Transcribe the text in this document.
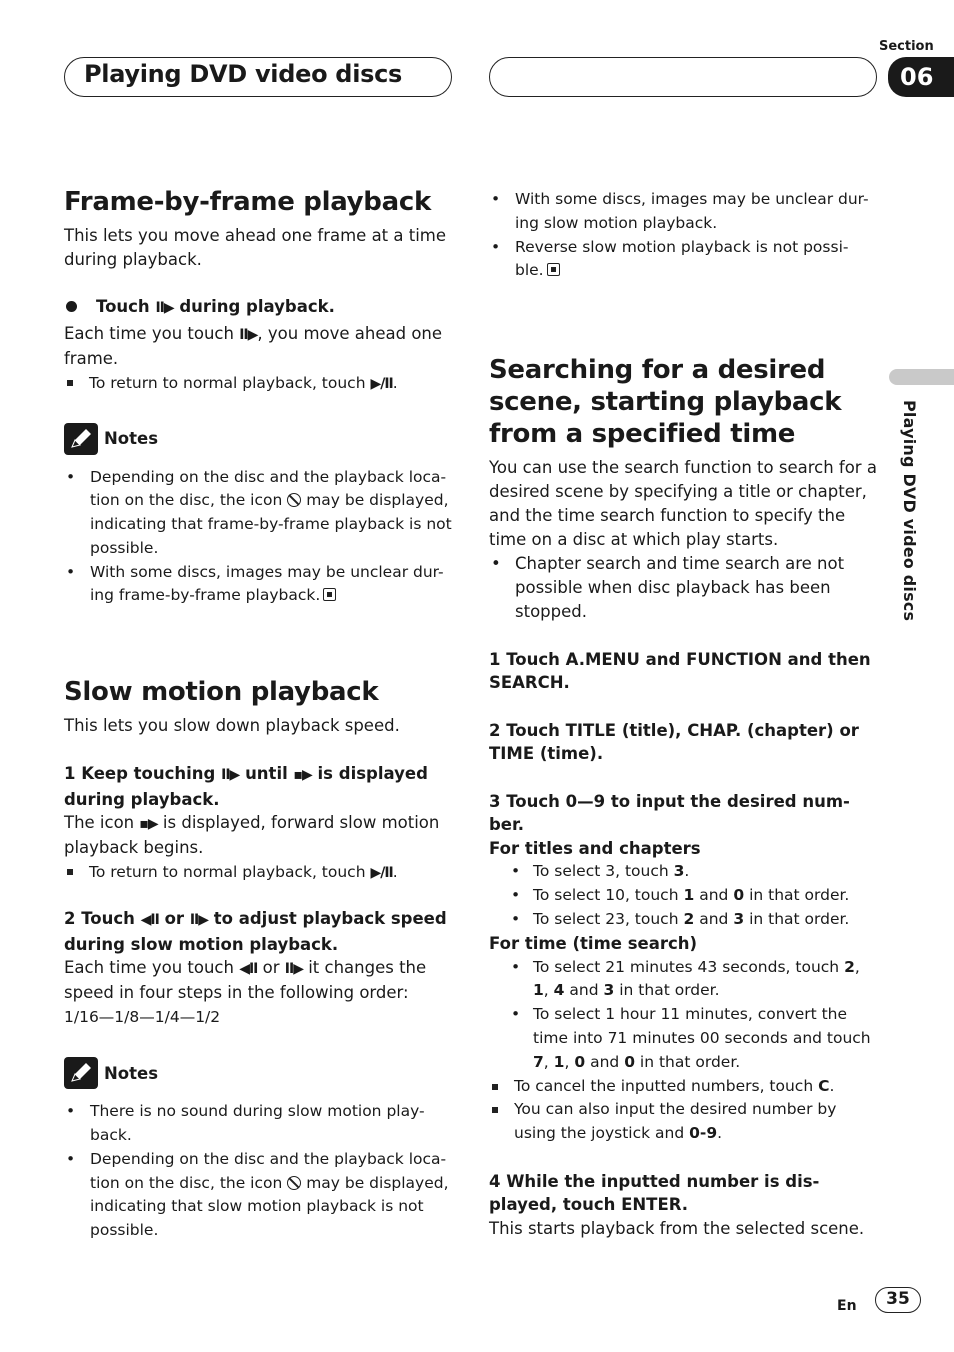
Playing DVD video discs
Section
06
Playing DVD video discs
Frame-by-frame playback

This lets you move ahead one frame at a time during playback.

Touch II▶ during playback.

Each time you touch II▶, you move ahead one frame.

To return to normal playback, touch ▶/II.
Notes
• Depending on the disc and the playback loca-tion on the disc, the icon may be displayed, indicating that frame-by-frame playback is not possible.
• With some discs, images may be unclear dur-ing frame-by-frame playback.
Slow motion playback

This lets you slow down playback speed.

1 Keep touching II▶ until ▪▶ is displayed during playback.

The icon ▪▶ is displayed, forward slow motion playback begins.

To return to normal playback, touch ▶/II.

2 Touch ◀II or II▶ to adjust playback speed during slow motion playback.

Each time you touch ◀II or II▶ it changes the speed in four steps in the following order:

1/16—1/8—1/4—1/2

Notes
• There is no sound during slow motion play-back.
• Depending on the disc and the playback loca-tion on the disc, the icon may be displayed, indicating that slow motion playback is not possible.
• With some discs, images may be unclear dur-ing slow motion playback.
• Reverse slow motion playback is not possi-ble.
Searching for a desired scene, starting playback from a specified time

You can use the search function to search for a desired scene by specifying a title or chapter, and the time search function to specify the time on a disc at which play starts.

• Chapter search and time search are not possible when disc playback has been stopped.

1 Touch A.MENU and FUNCTION and then SEARCH.

2 Touch TITLE (title), CHAP. (chapter) or TIME (time).

3 Touch 0—9 to input the desired num-ber.

For titles and chapters
• To select 3, touch 3.
• To select 10, touch 1 and 0 in that order.
• To select 23, touch 2 and 3 in that order.
For time (time search)
• To select 21 minutes 43 seconds, touch 2, 1, 4 and 3 in that order.
• To select 1 hour 11 minutes, convert the time into 71 minutes 00 seconds and touch 7, 1, 0 and 0 in that order.
To cancel the inputted numbers, touch C.
You can also input the desired number by using the joystick and 0-9.

4 While the inputted number is dis-played, touch ENTER.

This starts playback from the selected scene.

En	35
